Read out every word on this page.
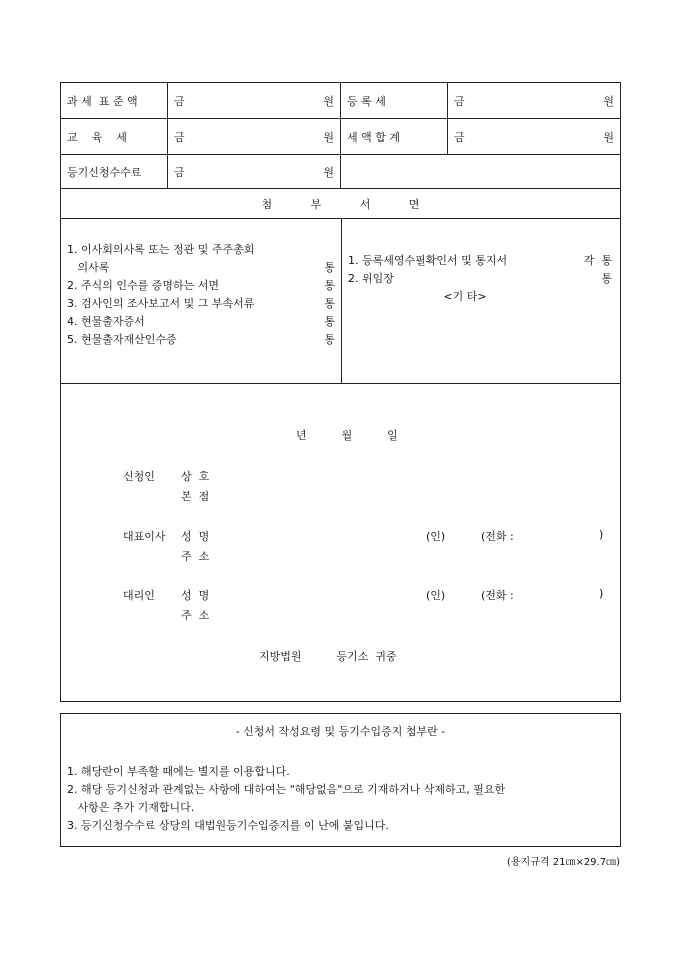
과 세  표 준 액	금	원	등 록 세	금	원
교    육    세	금	원	세 액 합 계	금	원
등기신청수수료	금	원
첨           부           서           면
1. 이사회의사록 또는 정관 및 주주총회
의사록	통
2. 주식의 인수를 증명하는 서면	통
3. 검사인의 조사보고서 및 그 부속서류	통
4. 현물출자증서	통
5. 현물출자재산인수증	통
1. 등록세영수필확인서 및 통지서	각  통
2. 위임장	통
<기 타>
년          월          일
신청인 상  호
본  점
대표이사 성  명
주  소
(인)	(전화 :	)
대리인 성  명
주  소
(인)	(전화 :	)
지방법원          등기소  귀중
- 신청서 작성요령 및 등기수입증지 첨부란 -
1. 해당란이 부족할 때에는 별지를 이용합니다.
2. 해당 등기신청과 관계없는 사항에 대하여는 "해당없음"으로 기재하거나 삭제하고, 필요한
사항은 추가 기재합니다.
3. 등기신청수수료 상당의 대법원등기수입증지를 이 난에 붙입니다.
(용지규격 21㎝×29.7㎝)
